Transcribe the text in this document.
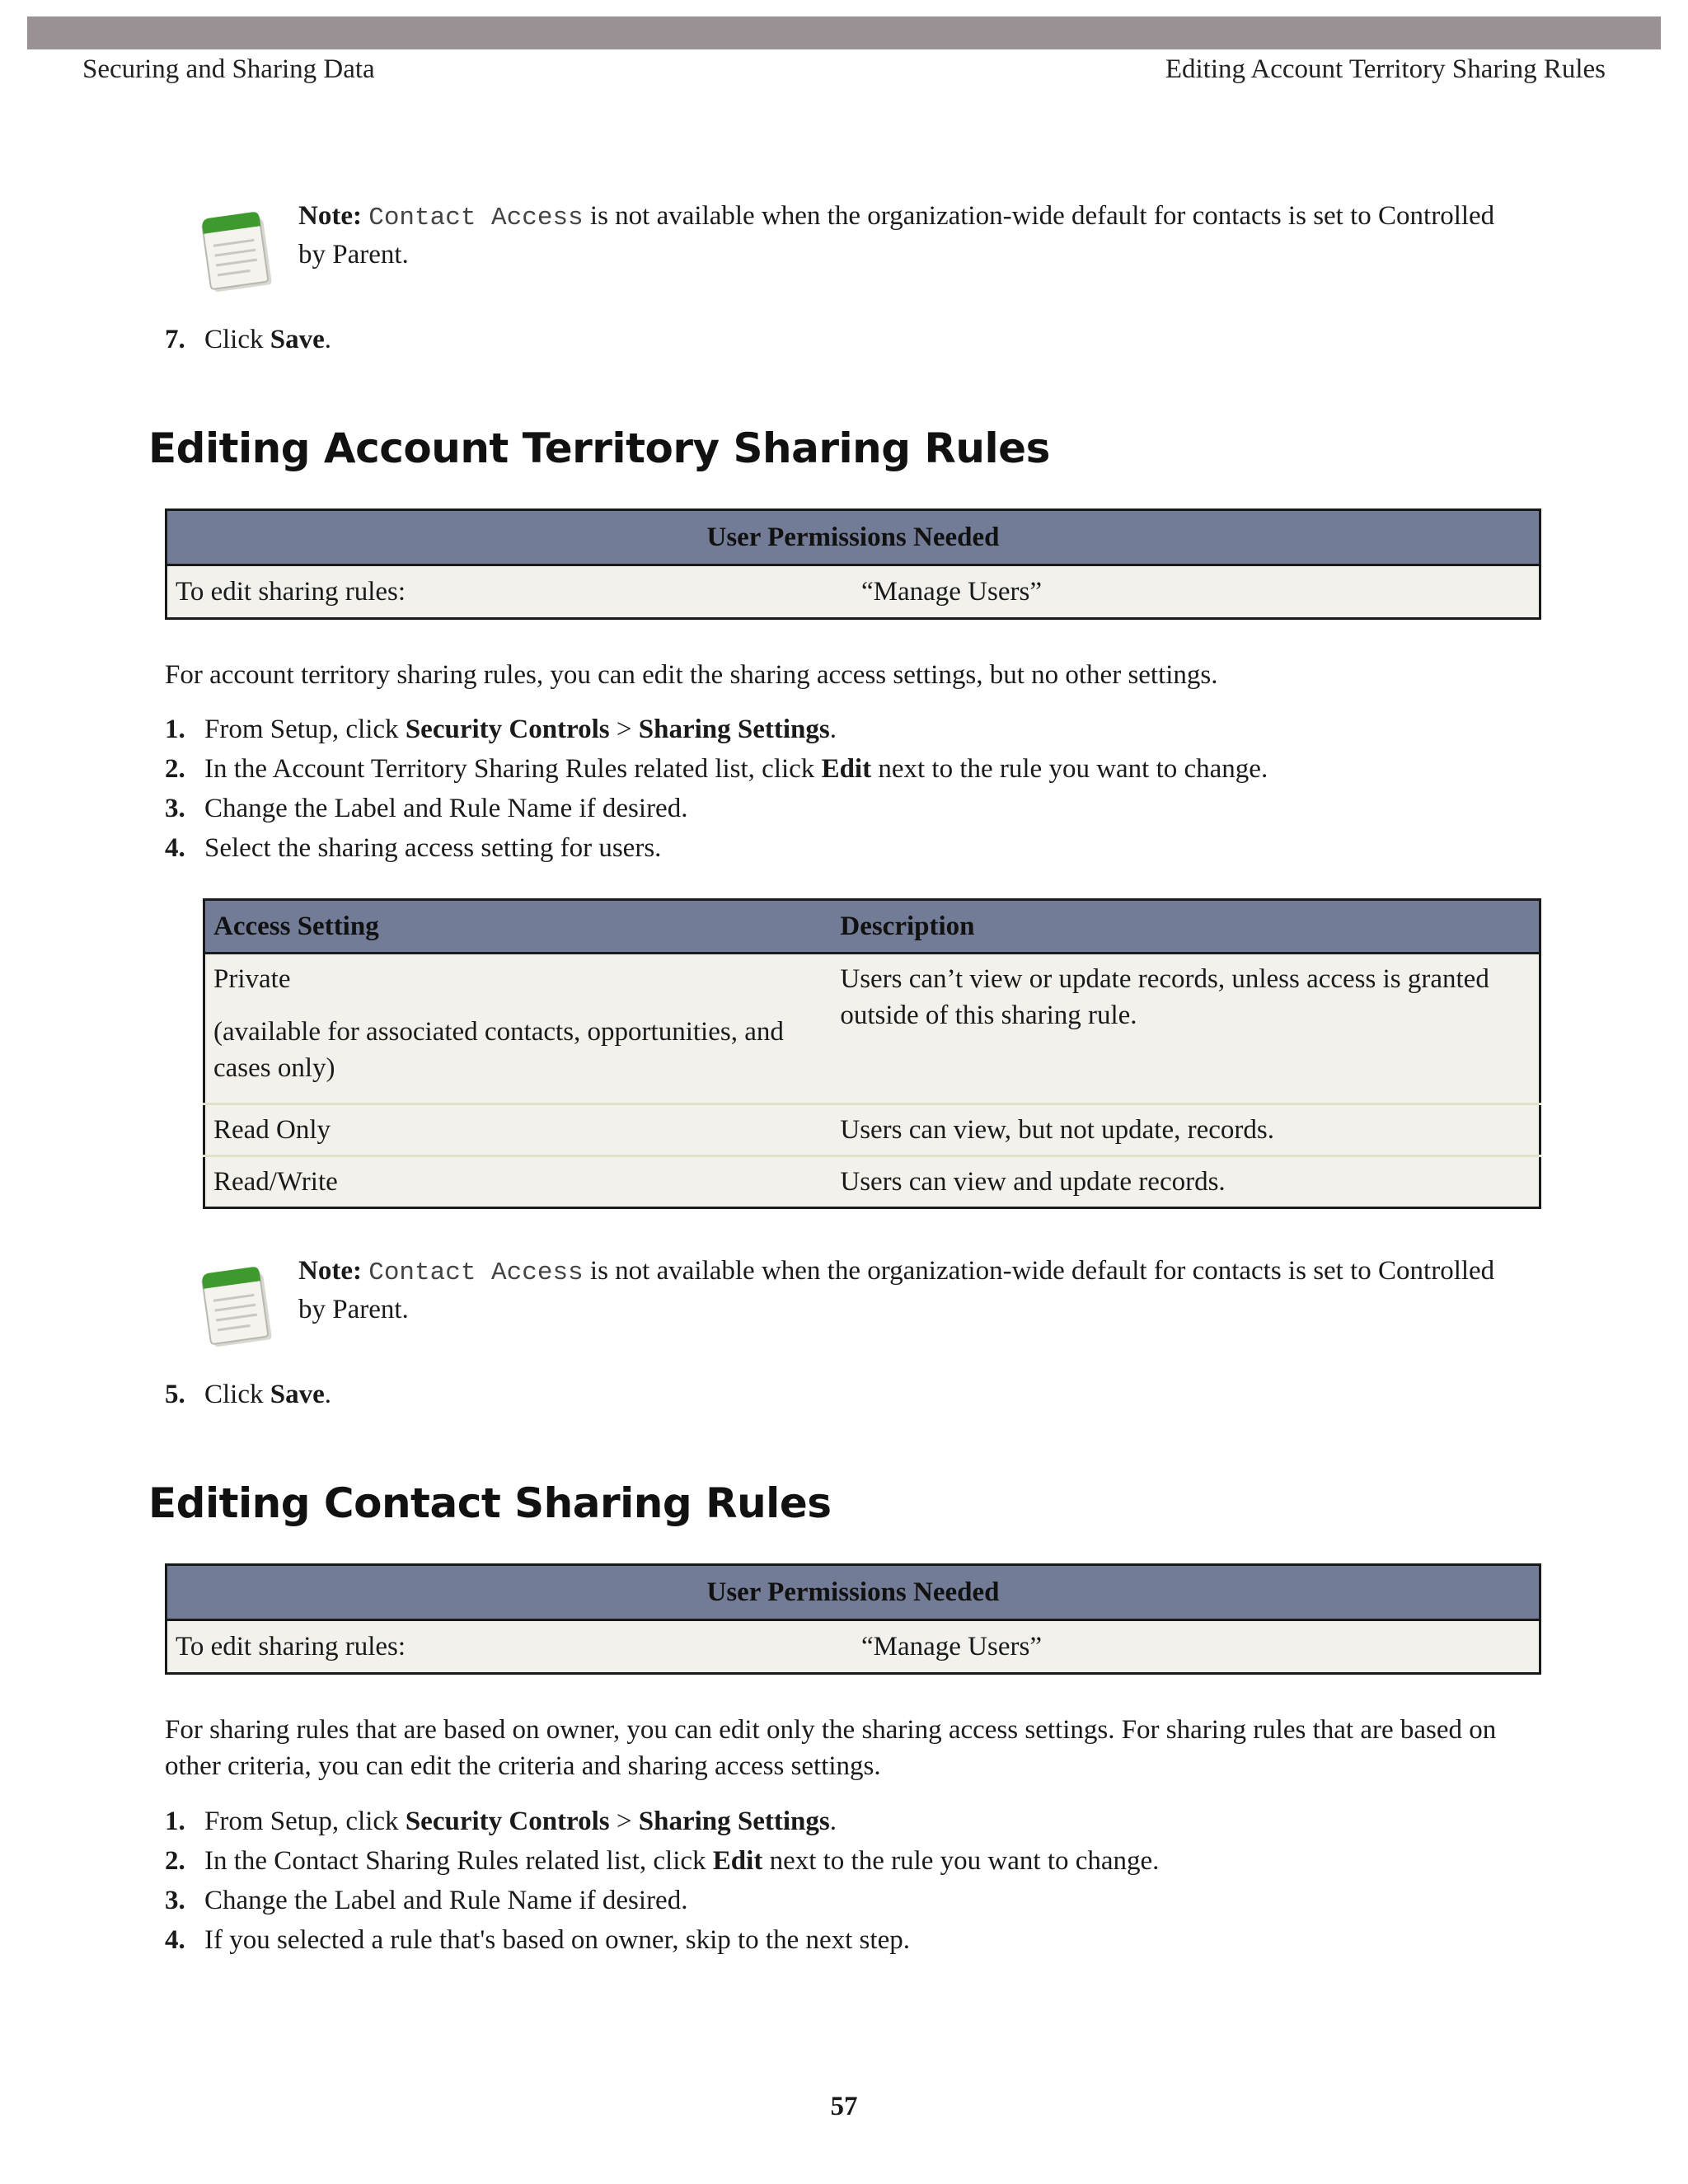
Securing and Sharing Data	Editing Account Territory Sharing Rules
Note: Contact Access is not available when the organization-wide default for contacts is set to Controlled
by Parent.
7. Click Save.
Editing Account Territory Sharing Rules
User Permissions Needed
To edit sharing rules:	“Manage Users”
For account territory sharing rules, you can edit the sharing access settings, but no other settings.
1. From Setup, click Security Controls > Sharing Settings.
2. In the Account Territory Sharing Rules related list, click Edit next to the rule you want to change.
3. Change the Label and Rule Name if desired.
4. Select the sharing access setting for users.
Access Setting	Description

Private

(available for associated contacts, opportunities, and cases only)	Users can’t view or update records, unless access is granted outside of this sharing rule.
Read Only	Users can view, but not update, records.
Read/Write	Users can view and update records.
Note: Contact Access is not available when the organization-wide default for contacts is set to Controlled
by Parent.
5. Click Save.
Editing Contact Sharing Rules
User Permissions Needed
To edit sharing rules:	“Manage Users”
For sharing rules that are based on owner, you can edit only the sharing access settings. For sharing rules that are based on other criteria, you can edit the criteria and sharing access settings.
1. From Setup, click Security Controls > Sharing Settings.
2. In the Contact Sharing Rules related list, click Edit next to the rule you want to change.
3. Change the Label and Rule Name if desired.
4. If you selected a rule that's based on owner, skip to the next step.
57
